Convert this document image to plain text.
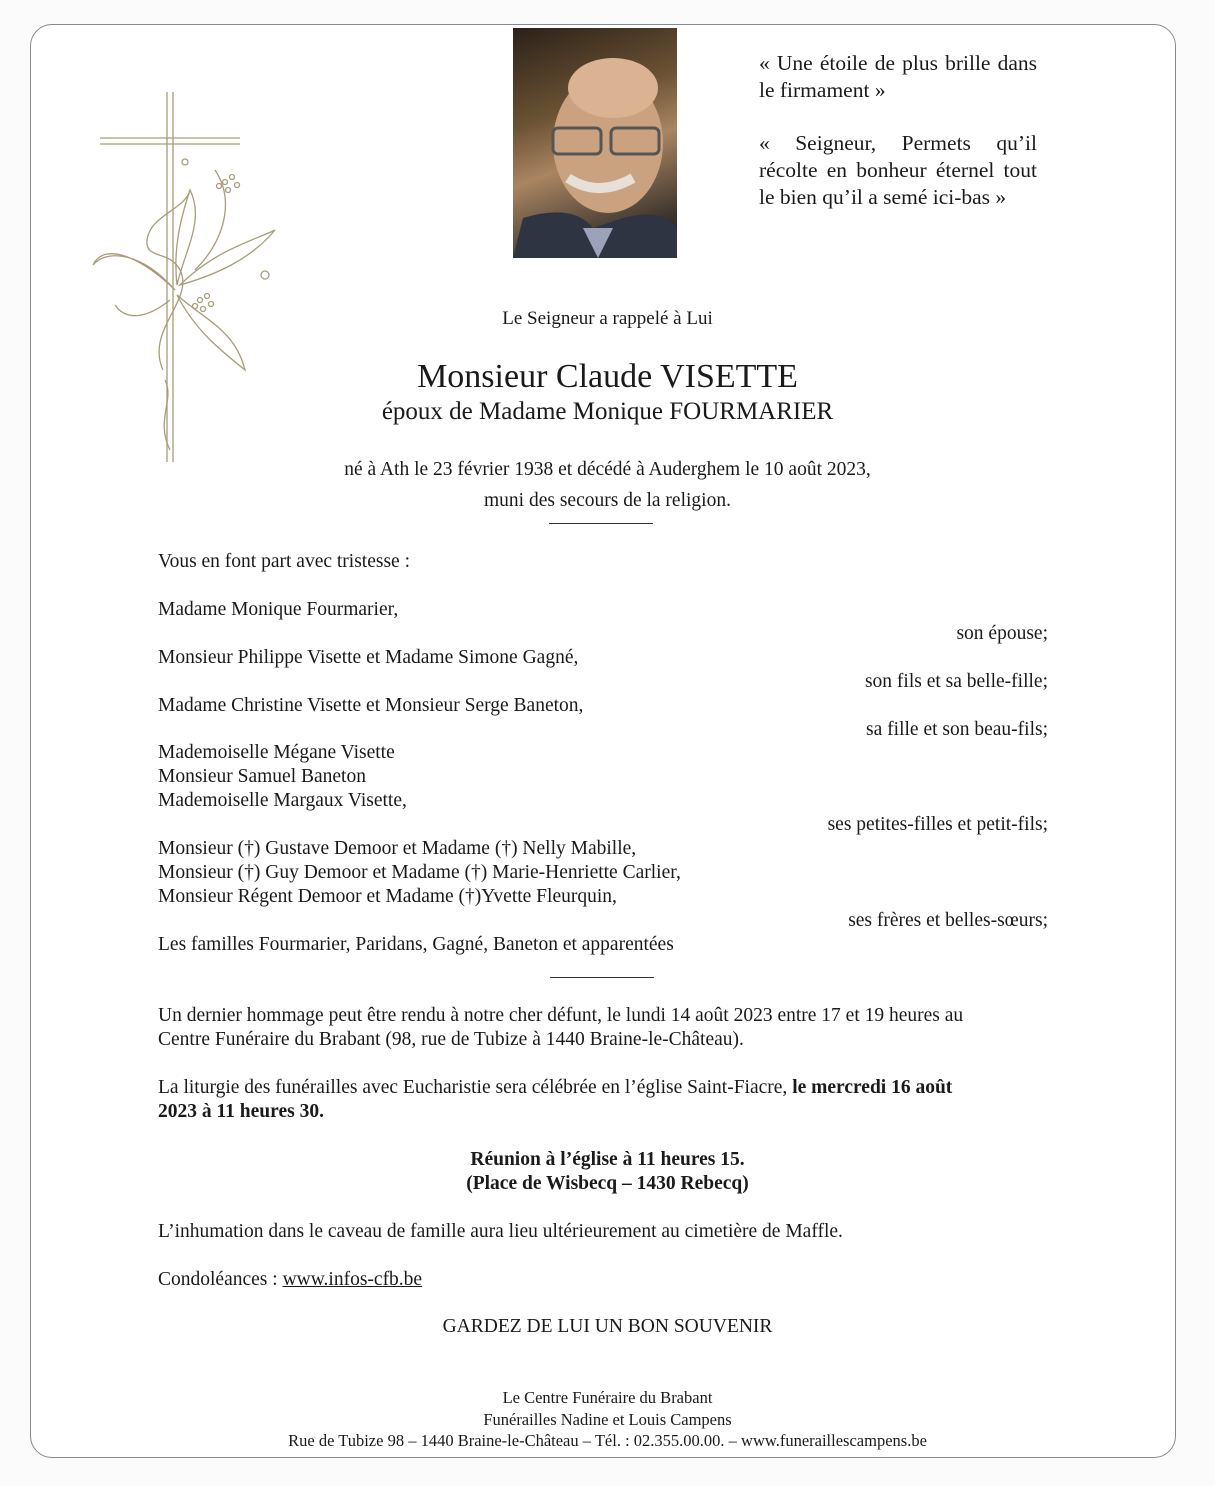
« Une étoile de plus brille dans le firmament »

« Seigneur, Permets qu’il récolte en bonheur éternel tout le bien qu’il a semé ici-bas »

Le Seigneur a rappelé à Lui
Monsieur Claude VISETTE
époux de Madame Monique FOURMARIER
né à Ath le 23 février 1938 et décédé à Auderghem le 10 août 2023,
muni des secours de la religion.
Vous en font part avec tristesse :
Madame Monique Fourmarier,
son épouse;
Monsieur Philippe Visette et Madame Simone Gagné,
son fils et sa belle-fille;
Madame Christine Visette et Monsieur Serge Baneton,
sa fille et son beau-fils;
Mademoiselle Mégane Visette
Monsieur Samuel Baneton
Mademoiselle Margaux Visette,
ses petites-filles et petit-fils;
Monsieur (†) Gustave Demoor et Madame (†) Nelly Mabille,
Monsieur (†) Guy Demoor et Madame (†) Marie-Henriette Carlier,
Monsieur Régent Demoor et Madame (†)Yvette Fleurquin,
ses frères et belles-sœurs;
Les familles Fourmarier, Paridans, Gagné, Baneton et apparentées
Un dernier hommage peut être rendu à notre cher défunt, le lundi 14 août 2023 entre 17 et 19 heures au
Centre Funéraire du Brabant (98, rue de Tubize à 1440 Braine-le-Château).
La liturgie des funérailles avec Eucharistie sera célébrée en l’église Saint-Fiacre, le mercredi 16 août
2023 à 11 heures 30.
Réunion à l’église à 11 heures 15.
(Place de Wisbecq – 1430 Rebecq)
L’inhumation dans le caveau de famille aura lieu ultérieurement au cimetière de Maffle.
Condoléances : www.infos-cfb.be
GARDEZ DE LUI UN BON SOUVENIR
Le Centre Funéraire du Brabant
Funérailles Nadine et Louis Campens
Rue de Tubize 98 – 1440 Braine-le-Château – Tél. : 02.355.00.00. – www.funeraillescampens.be
